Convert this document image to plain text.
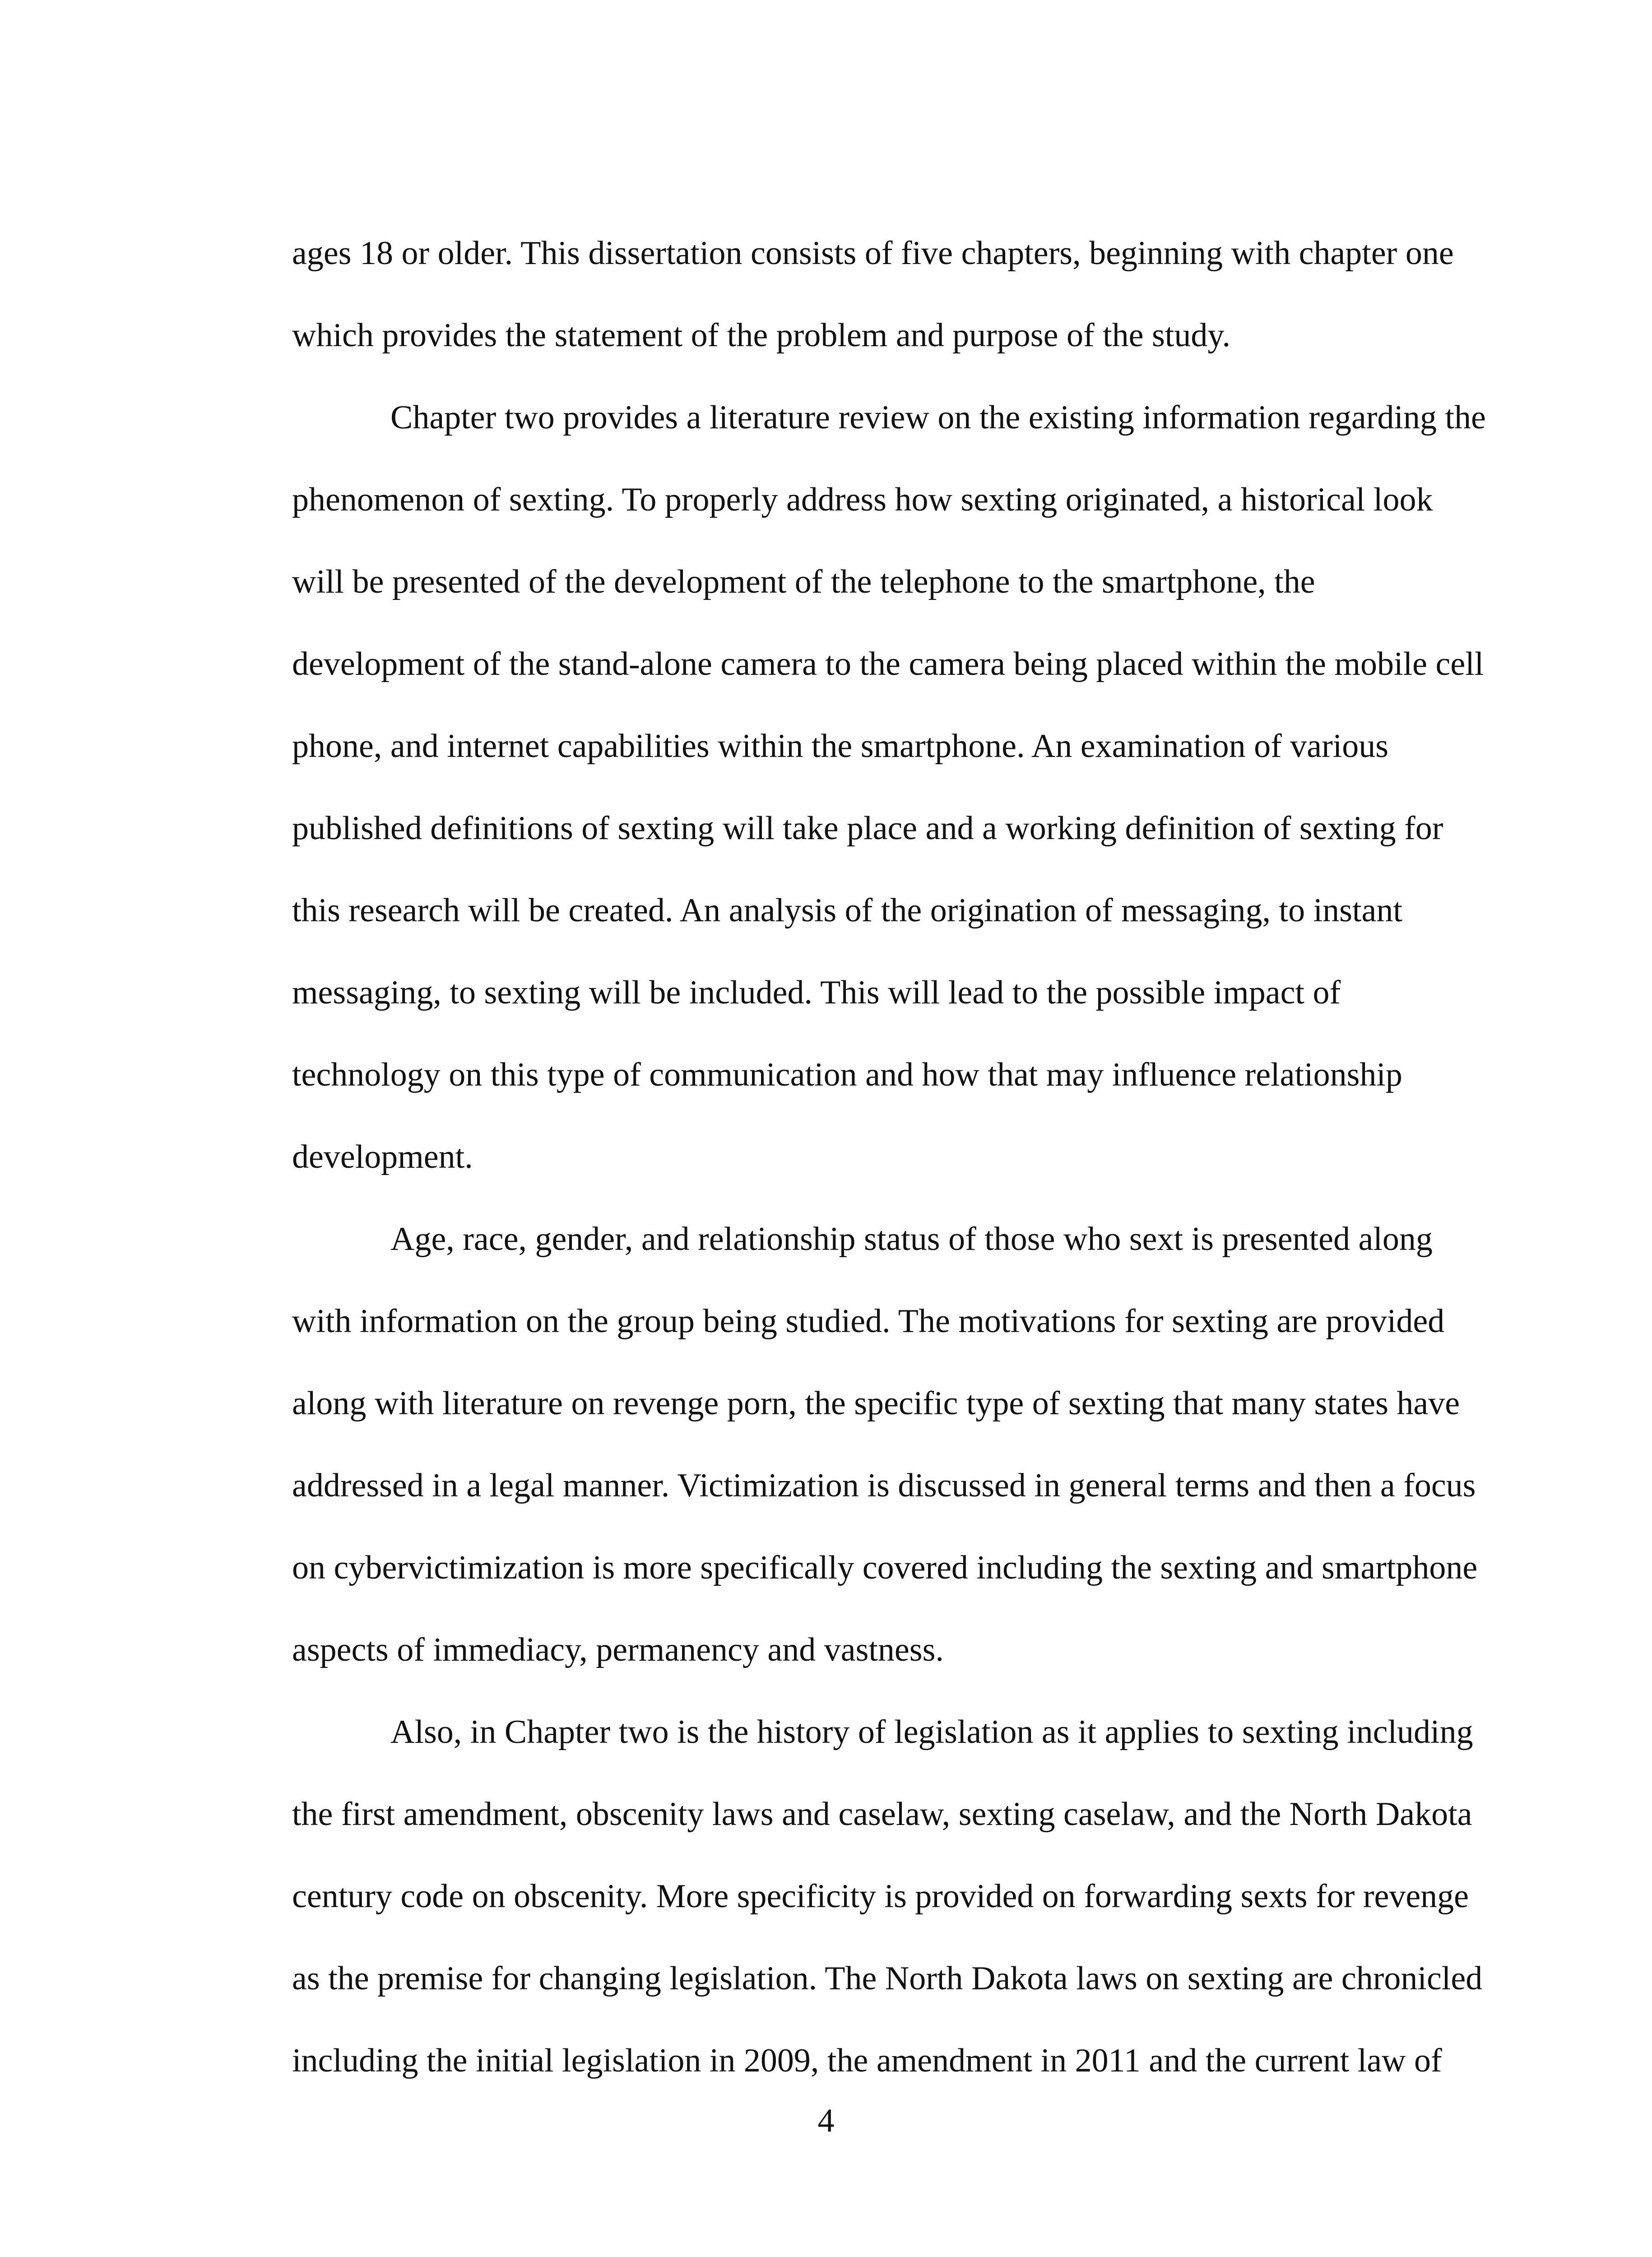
ages 18 or older. This dissertation consists of five chapters, beginning with chapter one
which provides the statement of the problem and purpose of the study.
Chapter two provides a literature review on the existing information regarding the
phenomenon of sexting. To properly address how sexting originated, a historical look
will be presented of the development of the telephone to the smartphone, the
development of the stand-alone camera to the camera being placed within the mobile cell
phone, and internet capabilities within the smartphone. An examination of various
published definitions of sexting will take place and a working definition of sexting for
this research will be created. An analysis of the origination of messaging, to instant
messaging, to sexting will be included. This will lead to the possible impact of
technology on this type of communication and how that may influence relationship
development.
Age, race, gender, and relationship status of those who sext is presented along
with information on the group being studied. The motivations for sexting are provided
along with literature on revenge porn, the specific type of sexting that many states have
addressed in a legal manner. Victimization is discussed in general terms and then a focus
on cybervictimization is more specifically covered including the sexting and smartphone
aspects of immediacy, permanency and vastness.
Also, in Chapter two is the history of legislation as it applies to sexting including
the first amendment, obscenity laws and caselaw, sexting caselaw, and the North Dakota
century code on obscenity. More specificity is provided on forwarding sexts for revenge
as the premise for changing legislation. The North Dakota laws on sexting are chronicled
including the initial legislation in 2009, the amendment in 2011 and the current law of
4
